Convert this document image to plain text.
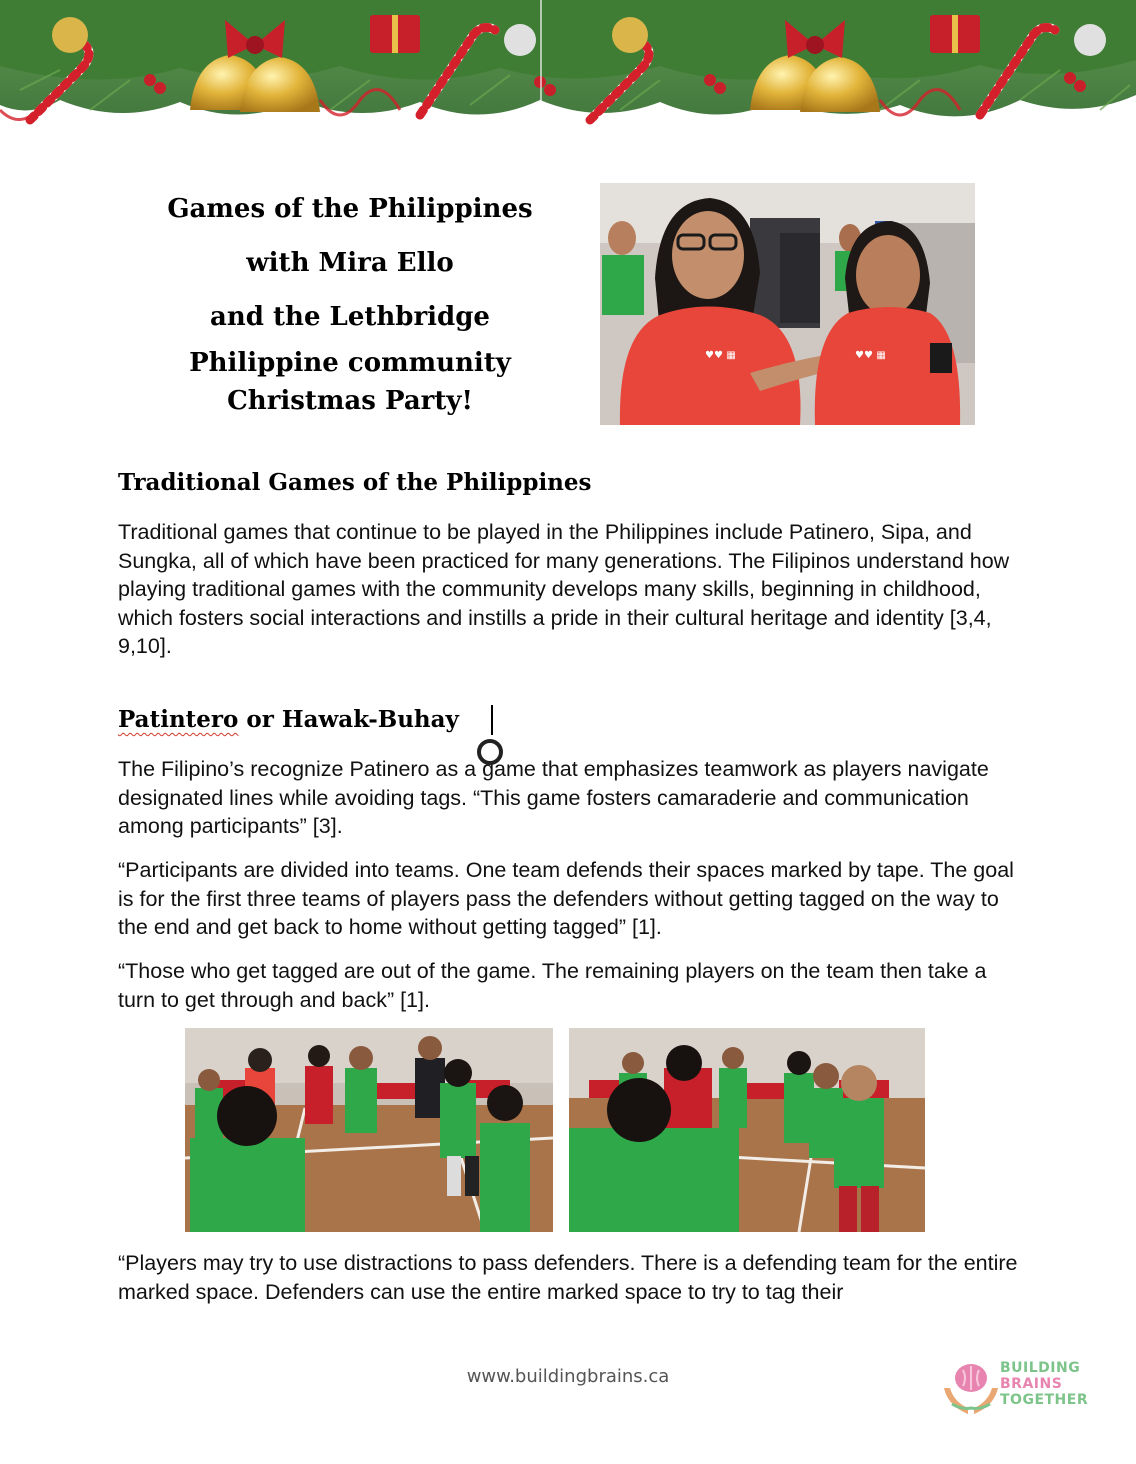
Games of the Philippines
with Mira Ello
and the Lethbridge
Philippine community
Christmas Party!
♥♥ ▦	♥♥ ▦
Traditional Games of the Philippines

Traditional games that continue to be played in the Philippines include Patinero, Sipa, and Sungka, all of which have been practiced for many generations. The Filipinos understand how playing traditional games with the community develops many skills, beginning in childhood, which fosters social interactions and instills a pride in their cultural heritage and identity [3,4, 9,10].

Patintero or Hawak-Buhay

The Filipino’s recognize Patinero as a game that emphasizes teamwork as players navigate designated lines while avoiding tags. “This game fosters camaraderie and communication among participants” [3].

“Participants are divided into teams. One team defends their spaces marked by tape. The goal is for the first three teams of players pass the defenders without getting tagged on the way to the end and get back to home without getting tagged” [1].

“Those who get tagged are out of the game. The remaining players on the team then take a turn to get through and back” [1].

“Players may try to use distractions to pass defenders. There is a defending team for the entire marked space. Defenders can use the entire marked space to try to tag their

www.buildingbrains.ca	BUILDING
BRAINS
TOGETHER
